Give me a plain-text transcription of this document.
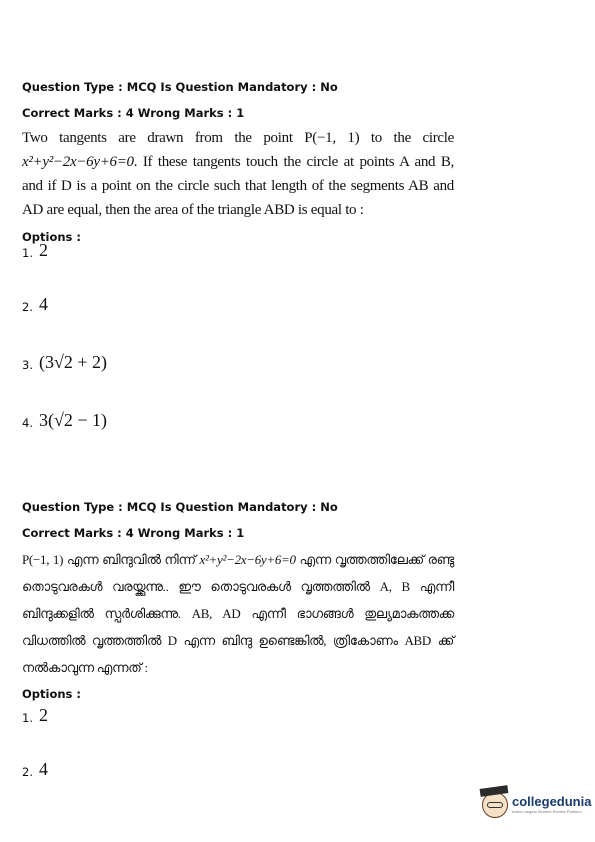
Question Type : MCQ Is Question Mandatory : No

Correct Marks : 4 Wrong Marks : 1

Two tangents are drawn from the point P(−1, 1) to the circle x²+y²−2x−6y+6=0. If these tangents touch the circle at points A and B, and if D is a point on the circle such that length of the segments AB and AD are equal, then the area of the triangle ABD is equal to :

Options :

1. 2
2. 4
3. (3√2 + 2)
4. 3(√2 − 1)

Question Type : MCQ Is Question Mandatory : No

Correct Marks : 4 Wrong Marks : 1

P(−1, 1) എന്ന ബിന്ദുവിൽ നിന്ന് x²+y²−2x−6y+6=0 എന്ന വൃത്തത്തിലേക്ക് രണ്ടു തൊടുവരകൾ വരയ്ക്കുന്നു.. ഈ തൊടുവരകൾ വൃത്തത്തിൽ A, B എന്നീ ബിന്ദുക്കളിൽ സ്പർശിക്കുന്നു. AB, AD എന്നീ ഭാഗങ്ങൾ തുല്യമാകത്തക്ക വിധത്തിൽ വൃത്തത്തിൽ D എന്ന ബിന്ദു ഉണ്ടെങ്കിൽ, ത്രികോണം ABD ക്ക് നൽകാവുന്ന എന്നത് :

Options :

1. 2
2. 4
collegedunia
India's largest Student Review Platform
